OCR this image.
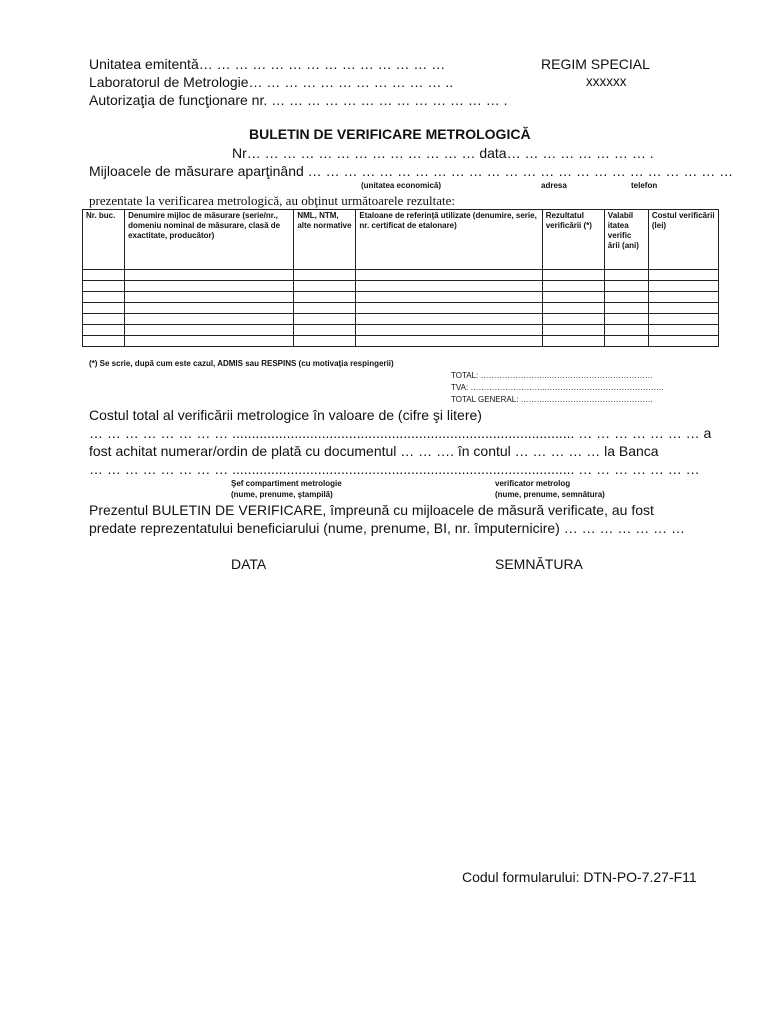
Unitatea emitentă… … … … … … … … … … … … … …
Laboratorul de Metrologie… … … … … … … … … … … ..
Autorizaţia de funcţionare nr. … … … … … … … … … … … … … .
REGIM SPECIAL
xxxxxx
BULETIN DE VERIFICARE METROLOGICĂ
Nr… … … … … … … … … … … … … data… … … … … … … … .
Mijloacele de măsurare aparţinând … … … … … … … … … … … … … … … … … … … … … … … …
(unitatea economică)	adresa	telefon
prezentate la verificarea metrologică, au obţinut următoarele rezultate:
Nr. buc.	Denumire mijloc de măsurare (serie/nr., domeniu nominal de măsurare, clasă de exactitate, producător)	NML, NTM, alte normative	Etaloane de referinţă utilizate (denumire, serie, nr. certificat de etalonare)	Rezultatul verificării (*)	Valabil itatea verific ării (ani)	Costul verificării (lei)

(*) Se scrie, după cum este cazul, ADMIS sau RESPINS (cu motivaţia respingerii)
TOTAL: ……………………..…………………………………
TVA: ………………………..……………………………………..
TOTAL GENERAL: ………..…………………………………
Costul total al verificării metrologice în valoare de (cifre şi litere)
… … … … … … … … ........................................................................................ … … … … … … … a
fost achitat numerar/ordin de plată cu documentul … … …. în contul … … … … … la Banca
… … … … … … … … ........................................................................................ … … … … … … …
Şef compartiment metrologie
(nume, prenume, ştampilă)
verificator metrolog
(nume, prenume, semnătura)
Prezentul BULETIN DE VERIFICARE, împreună cu mijloacele de măsură verificate, au fost
predate reprezentatului beneficiarului (nume, prenume, BI, nr. împuternicire) … … … … … … …
DATA	SEMNĂTURA
Codul formularului: DTN-PO-7.27-F11
